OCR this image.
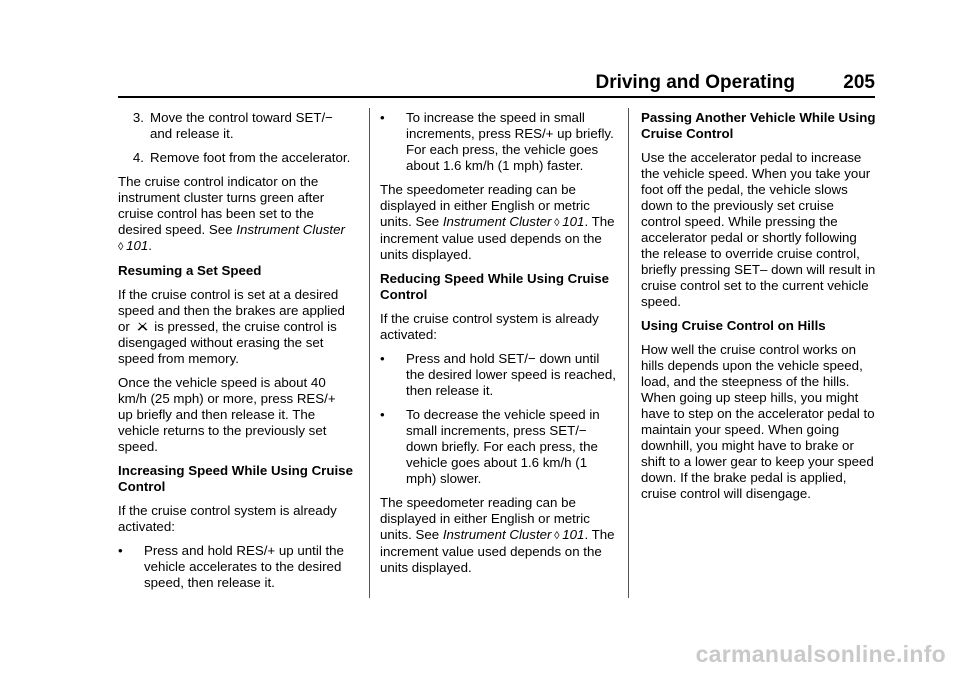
Driving and Operating	205
3. Move the control toward SET/− and release it.
4. Remove foot from the accelerator.

The cruise control indicator on the instrument cluster turns green after cruise control has been set to the desired speed. See Instrument Cluster ◊  101.

Resuming a Set Speed

If the cruise control is set at a desired speed and then the brakes are applied or is pressed, the cruise control is disengaged without erasing the set speed from memory.

Once the vehicle speed is about 40 km/h (25 mph) or more, press RES/+ up briefly and then release it. The vehicle returns to the previously set speed.

Increasing Speed While Using Cruise Control

If the cruise control system is already activated:

•	Press and hold RES/+ up until the vehicle accelerates to the desired speed, then release it.
•	To increase the speed in small increments, press RES/+ up briefly. For each press, the vehicle goes about 1.6 km/h (1 mph) faster.

The speedometer reading can be displayed in either English or metric units. See Instrument Cluster  ◊  101. The increment value used depends on the units displayed.

Reducing Speed While Using Cruise Control

If the cruise control system is already activated:

•	Press and hold SET/− down until the desired lower speed is reached, then release it.
•	To decrease the vehicle speed in small increments, press SET/− down briefly. For each press, the vehicle goes about 1.6 km/h (1 mph) slower.

The speedometer reading can be displayed in either English or metric units. See Instrument Cluster  ◊  101. The increment value used depends on the units displayed.

Passing Another Vehicle While Using Cruise Control

Use the accelerator pedal to increase the vehicle speed. When you take your foot off the pedal, the vehicle slows down to the previously set cruise control speed. While pressing the accelerator pedal or shortly following the release to override cruise control, briefly pressing SET– down will result in cruise control set to the current vehicle speed.

Using Cruise Control on Hills

How well the cruise control works on hills depends upon the vehicle speed, load, and the steepness of the hills. When going up steep hills, you might have to step on the accelerator pedal to maintain your speed. When going downhill, you might have to brake or shift to a lower gear to keep your speed down. If the brake pedal is applied, cruise control will disengage.

carmanualsonline.info
